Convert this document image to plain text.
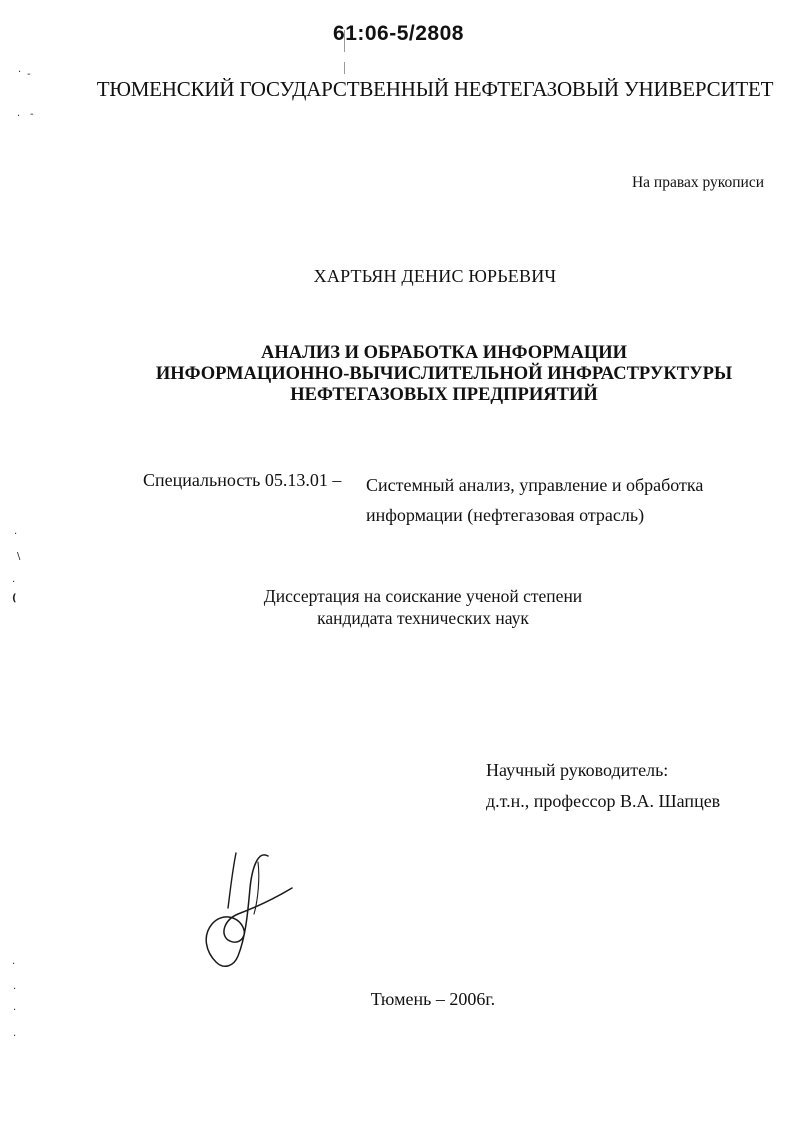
61:06-5/2808
ТЮМЕНСКИЙ ГОСУДАРСТВЕННЫЙ НЕФТЕГАЗОВЫЙ УНИВЕРСИТЕТ
На правах рукописи
ХАРТЬЯН ДЕНИС ЮРЬЕВИЧ
АНАЛИЗ И ОБРАБОТКА ИНФОРМАЦИИ
ИНФОРМАЦИОННО-ВЫЧИСЛИТЕЛЬНОЙ ИНФРАСТРУКТУРЫ
НЕФТЕГАЗОВЫХ ПРЕДПРИЯТИЙ
Специальность 05.13.01 – Системный анализ, управление и обработка
информации (нефтегазовая отрасль)
Диссертация на соискание ученой степени
кандидата технических наук
Научный руководитель:
д.т.н., профессор В.А. Шапцев
· -
· -
·
\
·
(
·
·
·
·
Тюмень – 2006г.
